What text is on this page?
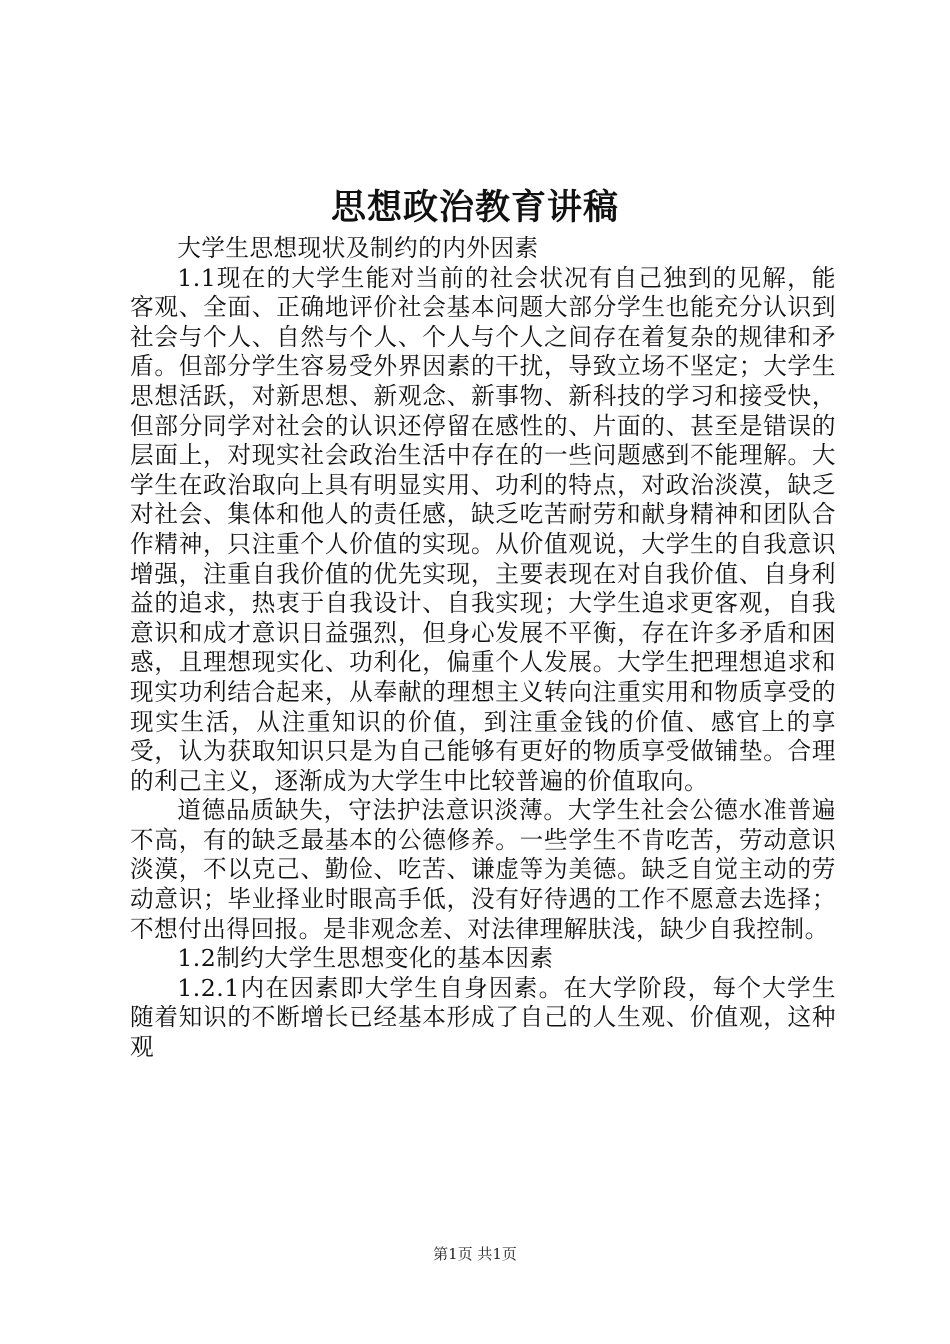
思想政治教育讲稿

大学生思想现状及制约的内外因素

1.1现在的大学生能对当前的社会状况有自己独到的见解，能客观、全面、正确地评价社会基本问题大部分学生也能充分认识到社会与个人、自然与个人、个人与个人之间存在着复杂的规律和矛盾。但部分学生容易受外界因素的干扰，导致立场不坚定；大学生思想活跃，对新思想、新观念、新事物、新科技的学习和接受快，但部分同学对社会的认识还停留在感性的、片面的、甚至是错误的层面上，对现实社会政治生活中存在的一些问题感到不能理解。大学生在政治取向上具有明显实用、功利的特点，对政治淡漠，缺乏对社会、集体和他人的责任感，缺乏吃苦耐劳和献身精神和团队合作精神，只注重个人价值的实现。从价值观说，大学生的自我意识增强，注重自我价值的优先实现，主要表现在对自我价值、自身利益的追求，热衷于自我设计、自我实现；大学生追求更客观，自我意识和成才意识日益强烈，但身心发展不平衡，存在许多矛盾和困惑，且理想现实化、功利化，偏重个人发展。大学生把理想追求和现实功利结合起来，从奉献的理想主义转向注重实用和物质享受的现实生活，从注重知识的价值，到注重金钱的价值、感官上的享受，认为获取知识只是为自己能够有更好的物质享受做铺垫。合理的利己主义，逐渐成为大学生中比较普遍的价值取向。

道德品质缺失，守法护法意识淡薄。大学生社会公德水准普遍不高，有的缺乏最基本的公德修养。一些学生不肯吃苦，劳动意识淡漠，不以克己、勤俭、吃苦、谦虚等为美德。缺乏自觉主动的劳动意识；毕业择业时眼高手低，没有好待遇的工作不愿意去选择；不想付出得回报。是非观念差、对法律理解肤浅，缺少自我控制。

1.2制约大学生思想变化的基本因素

1.2.1内在因素即大学生自身因素。在大学阶段，每个大学生随着知识的不断增长已经基本形成了自己的人生观、价值观，这种观

第1页 共1页
